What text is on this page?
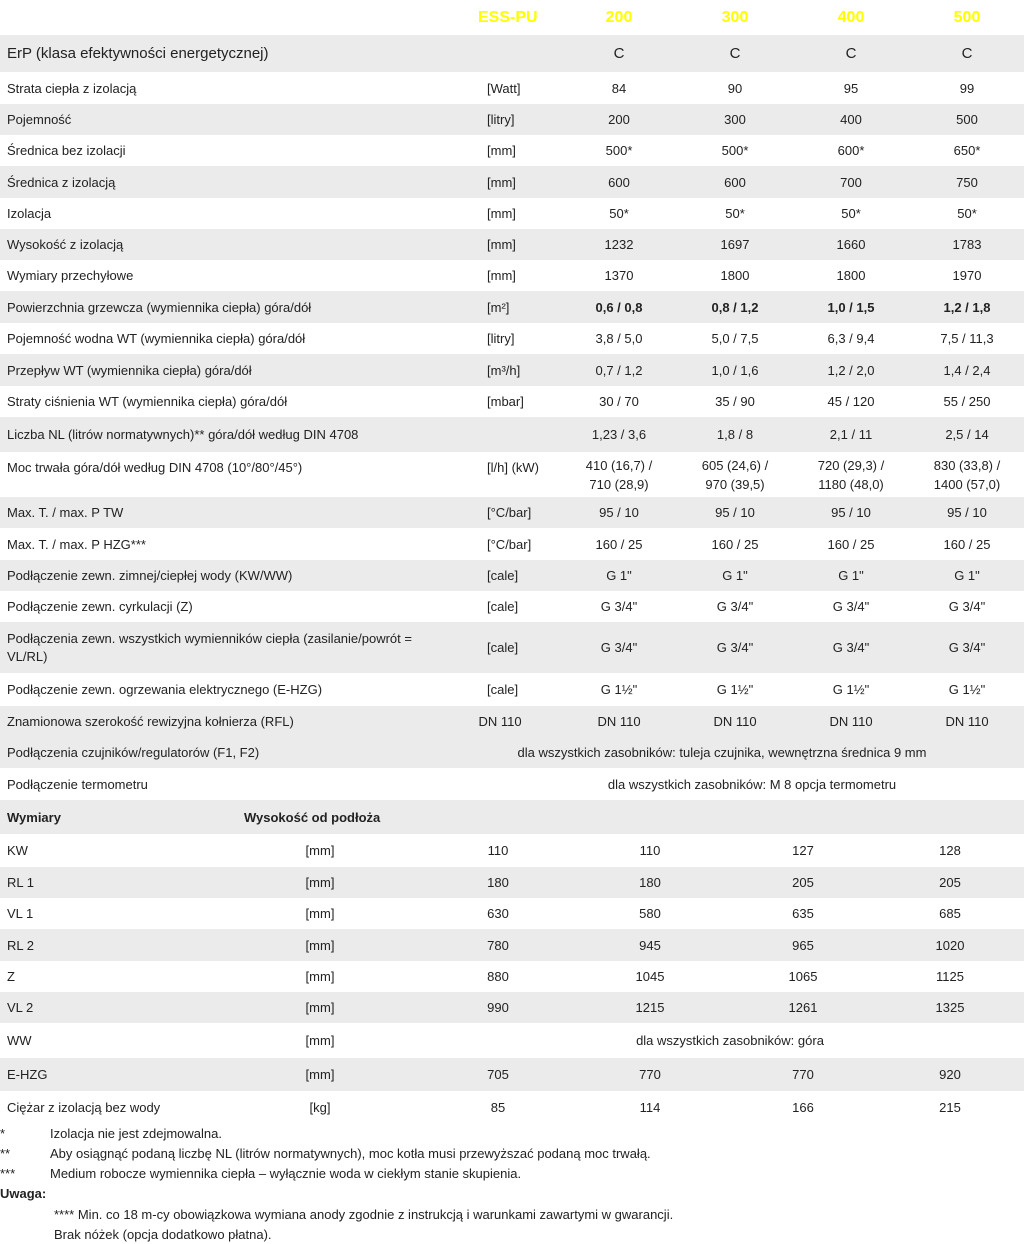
ESS-PU	200	300	400	500
ErP (klasa efektywności energetycznej)	C	C	C	C
Strata ciepła z izolacją	[Watt]	84	90	95	99
Pojemność	[litry]	200	300	400	500
Średnica bez izolacji	[mm]	500*	500*	600*	650*
Średnica z izolacją	[mm]	600	600	700	750
Izolacja	[mm]	50*	50*	50*	50*
Wysokość z izolacją	[mm]	1232	1697	1660	1783
Wymiary przechyłowe	[mm]	1370	1800	1800	1970
Powierzchnia grzewcza (wymiennika ciepła) góra/dół	[m²]	0,6 / 0,8	0,8 / 1,2	1,0 / 1,5	1,2 / 1,8
Pojemność wodna WT (wymiennika ciepła) góra/dół	[litry]	3,8 / 5,0	5,0 / 7,5	6,3 / 9,4	7,5 / 11,3
Przepływ WT (wymiennika ciepła) góra/dół	[m³/h]	0,7 / 1,2	1,0 / 1,6	1,2 / 2,0	1,4 / 2,4
Straty ciśnienia WT (wymiennika ciepła) góra/dół	[mbar]	30 / 70	35 / 90	45 / 120	55 / 250
Liczba NL (litrów normatywnych)** góra/dół według DIN 4708	1,23 / 3,6	1,8 / 8	2,1 / 11	2,5 / 14
Moc trwała góra/dół według DIN 4708 (10°/80°/45°)	[l/h] (kW)	410 (16,7) /
710 (28,9)
605 (24,6) /
970 (39,5)
720 (29,3) /
1180 (48,0)
830 (33,8) /
1400 (57,0)
Max. T. / max. P TW	[°C/bar]	95 / 10	95 / 10	95 / 10	95 / 10
Max. T. / max. P HZG***	[°C/bar]	160 / 25	160 / 25	160 / 25	160 / 25
Podłączenie zewn. zimnej/ciepłej wody (KW/WW)	[cale]	G 1"	G 1"	G 1"	G 1"
Podłączenie zewn. cyrkulacji (Z)	[cale]	G 3/4"	G 3/4"	G 3/4"	G 3/4"
Podłączenia zewn. wszystkich wymienników ciepła (zasilanie/powrót =
VL/RL)
[cale]	G 3/4"	G 3/4"	G 3/4"	G 3/4"
Podłączenie zewn. ogrzewania elektrycznego (E-HZG)	[cale]	G 1½"	G 1½"	G 1½"	G 1½"
Znamionowa szerokość rewizyjna kołnierza (RFL)	DN 110	DN 110	DN 110	DN 110	DN 110
Podłączenia czujników/regulatorów (F1, F2)	dla wszystkich zasobników: tuleja czujnika, wewnętrzna średnica 9 mm
Podłączenie termometru	dla wszystkich zasobników: M 8 opcja termometru
Wymiary	Wysokość od podłoża
KW	[mm]	110	110	127	128
RL 1	[mm]	180	180	205	205
VL 1	[mm]	630	580	635	685
RL 2	[mm]	780	945	965	1020
Z	[mm]	880	1045	1065	1125
VL 2	[mm]	990	1215	1261	1325
WW	[mm]	dla wszystkich zasobników: góra
E-HZG	[mm]	705	770	770	920
Ciężar z izolacją bez wody	[kg]	85	114	166	215
*	Izolacja nie jest zdejmowalna.
**	Aby osiągnąć podaną liczbę NL (litrów normatywnych), moc kotła musi przewyższać podaną moc trwałą.
***	Medium robocze wymiennika ciepła – wyłącznie woda w ciekłym stanie skupienia.
Uwaga:
**** Min. co 18 m-cy obowiązkowa wymiana anody zgodnie z instrukcją i warunkami zawartymi w gwarancji.
Brak nóżek (opcja dodatkowo płatna).
